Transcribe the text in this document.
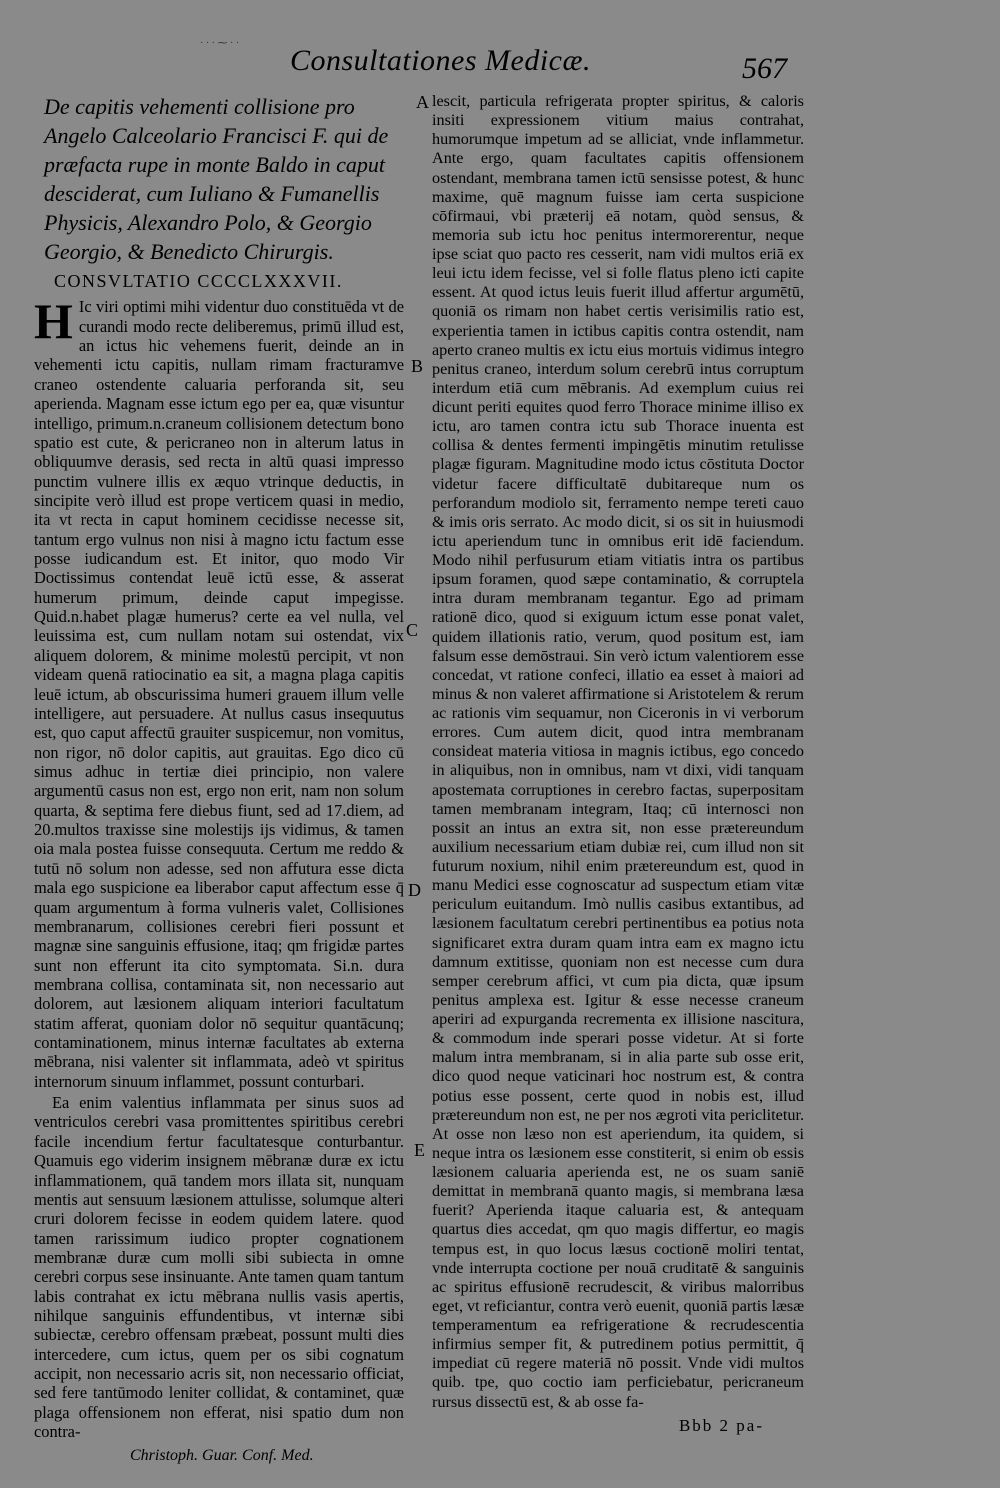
· · · ⁓ · ·
Consultationes Medicæ.	567
De capitis vehementi collisione pro Angelo Calceolario Francisci F. qui de præfacta rupe in monte Baldo in caput desciderat, cum Iuliano & Fumanellis Physicis, Alexandro Polo, & Georgio Georgio, & Benedicto Chirurgis.
CONSVLTATIO CCCCLXXXVII.
H Ic viri optimi mihi videntur duo constituēda vt de curandi modo recte deliberemus, primū illud est, an ictus hic vehemens fuerit, deinde an in vehementi ictu capitis, nullam rimam fracturamve craneo ostendente caluaria perforanda sit, seu aperienda. Magnam esse ictum ego per ea, quæ visuntur intelligo, primum.n.craneum collisionem detectum bono spatio est cute, & pericraneo non in alterum latus in obliquumve derasis, sed recta in altū quasi impresso punctim vulnere illis ex æquo vtrinque deductis, in sincipite verò illud est prope verticem quasi in medio, ita vt recta in caput hominem cecidisse necesse sit, tantum ergo vulnus non nisi à magno ictu factum esse posse iudicandum est. Et initor, quo modo Vir Doctissimus contendat leuē ictū esse, & asserat humerum primum, deinde caput impegisse. Quid.n.habet plagæ humerus? certe ea vel nulla, vel leuissima est, cum nullam notam sui ostendat, vix aliquem dolorem, & minime molestū percipit, vt non videam quenā ratiocinatio ea sit, a magna plaga capitis leuē ictum, ab obscurissima humeri grauem illum velle intelligere, aut persuadere. At nullus casus insequutus est, quo caput affectū grauiter suspicemur, non vomitus, non rigor, nō dolor capitis, aut grauitas. Ego dico cū simus adhuc in tertiæ diei principio, non valere argumentū casus non est, ergo non erit, nam non solum quarta, & septima fere diebus fiunt, sed ad 17.diem, ad 20.multos traxisse sine molestijs ijs vidimus, & tamen oia mala postea fuisse consequuta. Certum me reddo & tutū nō solum non adesse, sed non affutura esse dicta mala ego suspicione ea liberabor caput affectum esse q̄ quam argumentum à forma vulneris valet, Collisiones membranarum, collisiones cerebri fieri possunt et magnæ sine sanguinis effusione, itaq; qm frigidæ partes sunt non efferunt ita cito symptomata. Si.n. dura membrana collisa, contaminata sit, non necessario aut dolorem, aut læsionem aliquam interiori facultatum statim afferat, quoniam dolor nō sequitur quantācunq; contaminationem, minus internæ facultates ab externa mēbrana, nisi valenter sit inflammata, adeò vt spiritus internorum sinuum inflammet, possunt conturbari.
Ea enim valentius inflammata per sinus suos ad ventriculos cerebri vasa promittentes spiritibus cerebri facile incendium fertur facultatesque conturbantur. Quamuis ego viderim insignem mēbranæ duræ ex ictu inflammationem, quā tandem mors illata sit, nunquam mentis aut sensuum læsionem attulisse, solumque alteri cruri dolorem fecisse in eodem quidem latere. quod tamen rarissimum iudico propter cognationem membranæ duræ cum molli sibi subiecta in omne cerebri corpus sese insinuante. Ante tamen quam tantum labis contrahat ex ictu mēbrana nullis vasis apertis, nihilque sanguinis effundentibus, vt internæ sibi subiectæ, cerebro offensam præbeat, possunt multi dies intercedere, cum ictus, quem per os sibi cognatum accipit, non necessario acris sit, non necessario officiat, sed fere tantūmodo leniter collidat, & contaminet, quæ plaga offensionem non efferat, nisi spatio dum non contra-
Christoph. Guar. Conf. Med.
A
B
C
D
E
lescit, particula refrigerata propter spiritus, & caloris insiti expressionem vitium maius contrahat, humorumque impetum ad se alliciat, vnde inflammetur. Ante ergo, quam facultates capitis offensionem ostendant, membrana tamen ictū sensisse potest, & hunc maxime, quē magnum fuisse iam certa suspicione cōfirmaui, vbi præterij eā notam, quòd sensus, & memoria sub ictu hoc penitus intermorerentur, neque ipse sciat quo pacto res cesserit, nam vidi multos eriā ex leui ictu idem fecisse, vel si folle flatus pleno icti capite essent. At quod ictus leuis fuerit illud affertur argumētū, quoniā os rimam non habet certis verisimilis ratio est, experientia tamen in ictibus capitis contra ostendit, nam aperto craneo multis ex ictu eius mortuis vidimus integro penitus craneo, interdum solum cerebrū intus corruptum interdum etiā cum mēbranis. Ad exemplum cuius rei dicunt periti equites quod ferro Thorace minime illiso ex ictu, aro tamen contra ictu sub Thorace inuenta est collisa & dentes fermenti impingētis minutim retulisse plagæ figuram. Magnitudine modo ictus cōstituta Doctor videtur facere difficultatē dubitareque num os perforandum modiolo sit, ferramento nempe tereti cauo & imis oris serrato. Ac modo dicit, si os sit in huiusmodi ictu aperiendum tunc in omnibus erit idē faciendum. Modo nihil perfusurum etiam vitiatis intra os partibus ipsum foramen, quod sæpe contaminatio, & corruptela intra duram membranam tegantur. Ego ad primam rationē dico, quod si exiguum ictum esse ponat valet, quidem illationis ratio, verum, quod positum est, iam falsum esse demōstraui. Sin verò ictum valentiorem esse concedat, vt ratione confeci, illatio ea esset à maiori ad minus & non valeret affirmatione si Aristotelem & rerum ac rationis vim sequamur, non Ciceronis in vi verborum errores. Cum autem dicit, quod intra membranam consideat materia vitiosa in magnis ictibus, ego concedo in aliquibus, non in omnibus, nam vt dixi, vidi tanquam apostemata corruptiones in cerebro factas, superpositam tamen membranam integram, Itaq; cū internosci non possit an intus an extra sit, non esse prætereundum auxilium necessarium etiam dubiæ rei, cum illud non sit futurum noxium, nihil enim prætereundum est, quod in manu Medici esse cognoscatur ad suspectum etiam vitæ periculum euitandum. Imò nullis casibus extantibus, ad læsionem facultatum cerebri pertinentibus ea potius nota significaret extra duram quam intra eam ex magno ictu damnum extitisse, quoniam non est necesse cum dura semper cerebrum affici, vt cum pia dicta, quæ ipsum penitus amplexa est. Igitur & esse necesse craneum aperiri ad expurganda recrementa ex illisione nascitura, & commodum inde sperari posse videtur. At si forte malum intra membranam, si in alia parte sub osse erit, dico quod neque vaticinari hoc nostrum est, & contra potius esse possent, certe quod in nobis est, illud prætereundum non est, ne per nos ægroti vita periclitetur. At osse non læso non est aperiendum, ita quidem, si neque intra os læsionem esse constiterit, si enim ob essis læsionem caluaria aperienda est, ne os suam saniē demittat in membranā quanto magis, si membrana læsa fuerit? Aperienda itaque caluaria est, & antequam quartus dies accedat, qm quo magis differtur, eo magis tempus est, in quo locus læsus coctionē moliri tentat, vnde interrupta coctione per nouā cruditatē & sanguinis ac spiritus effusionē recrudescit, & viribus malorribus eget, vt reficiantur, contra verò euenit, quoniā partis læsæ temperamentum ea refrigeratione & recrudescentia infirmius semper fit, & putredinem potius permittit, q̄ impediat cū regere materiā nō possit. Vnde vidi multos quib. tpe, quo coctio iam perficiebatur, pericraneum rursus dissectū est, & ab osse fa-
Bbb 2 pa-
